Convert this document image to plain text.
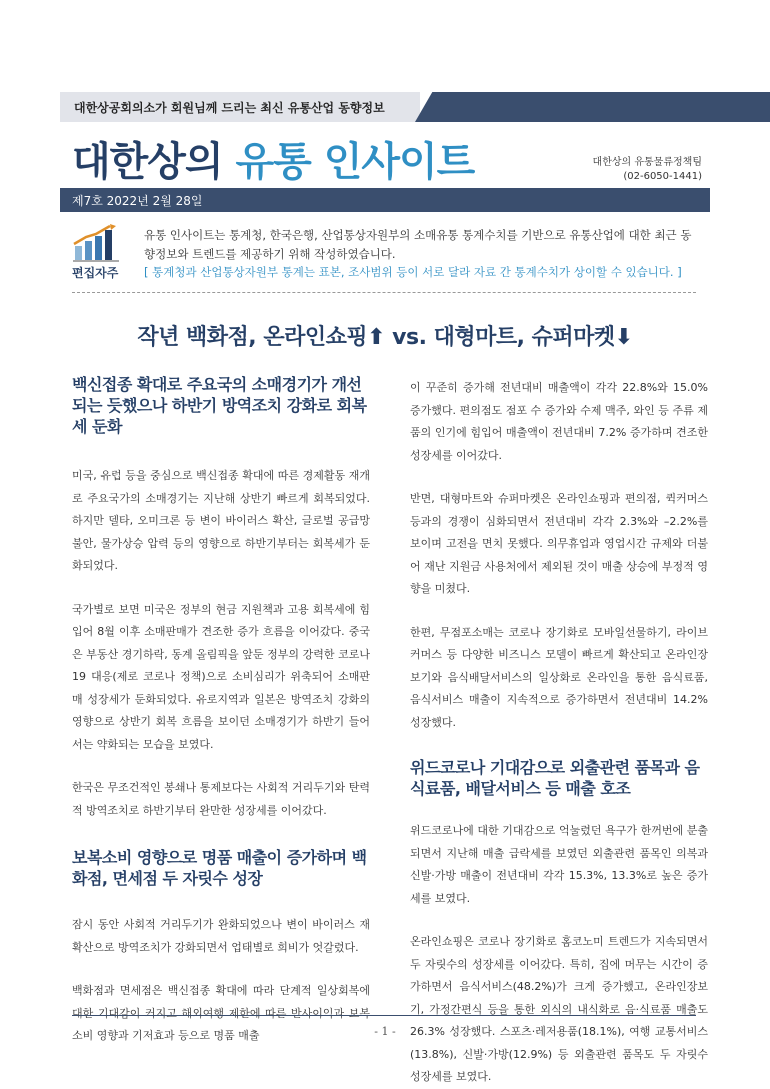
대한상공회의소가 회원님께 드리는 최신 유통산업 동향정보
대한상의 유통 인사이트	대한상의 유통물류정책팀
(02-6050-1441)
제7호 2022년 2월 28일
편집자주
유통 인사이트는 통계청, 한국은행, 산업통상자원부의 소매유통 통계수치를 기반으로 유통산업에 대한 최근 동향정보와 트렌드를 제공하기 위해 작성하였습니다.
[ 통계청과 산업통상자원부 통계는 표본, 조사범위 등이 서로 달라 자료 간 통계수치가 상이할 수 있습니다. ]
작년 백화점, 온라인쇼핑⬆ vs. 대형마트, 슈퍼마켓⬇
백신접종 확대로 주요국의 소매경기가 개선되는 듯했으나 하반기 방역조치 강화로 회복세 둔화

미국, 유럽 등을 중심으로 백신접종 확대에 따른 경제활동 재개로 주요국가의 소매경기는 지난해 상반기 빠르게 회복되었다. 하지만 델타, 오미크론 등 변이 바이러스 확산, 글로벌 공급망 불안, 물가상승 압력 등의 영향으로 하반기부터는 회복세가 둔화되었다.

국가별로 보면 미국은 정부의 현금 지원책과 고용 회복세에 힘입어 8월 이후 소매판매가 견조한 증가 흐름을 이어갔다. 중국은 부동산 경기하락, 동계 올림픽을 앞둔 정부의 강력한 코로나19 대응(제로 코로나 정책)으로 소비심리가 위축되어 소매판매 성장세가 둔화되었다. 유로지역과 일본은 방역조치 강화의 영향으로 상반기 회복 흐름을 보이던 소매경기가 하반기 들어서는 약화되는 모습을 보였다.

한국은 무조건적인 봉쇄나 통제보다는 사회적 거리두기와 탄력적 방역조치로 하반기부터 완만한 성장세를 이어갔다.

보복소비 영향으로 명품 매출이 증가하며 백화점, 면세점 두 자릿수 성장

잠시 동안 사회적 거리두기가 완화되었으나 변이 바이러스 재확산으로 방역조치가 강화되면서 업태별로 희비가 엇갈렸다.

백화점과 면세점은 백신접종 확대에 따라 단계적 일상회복에 대한 기대감이 커지고 해외여행 제한에 따른 반사이익과 보복소비 영향과 기저효과 등으로 명품 매출

이 꾸준히 증가해 전년대비 매출액이 각각 22.8%와 15.0% 증가했다. 편의점도 점포 수 증가와 수제 맥주, 와인 등 주류 제품의 인기에 힘입어 매출액이 전년대비 7.2% 증가하며 견조한 성장세를 이어갔다.

반면, 대형마트와 슈퍼마켓은 온라인쇼핑과 편의점, 퀵커머스 등과의 경쟁이 심화되면서 전년대비 각각 2.3%와 –2.2%를 보이며 고전을 면치 못했다. 의무휴업과 영업시간 규제와 더불어 재난 지원금 사용처에서 제외된 것이 매출 상승에 부정적 영향을 미쳤다.

한편, 무점포소매는 코로나 장기화로 모바일선물하기, 라이브커머스 등 다양한 비즈니스 모델이 빠르게 확산되고 온라인장보기와 음식배달서비스의 일상화로 온라인을 통한 음식료품, 음식서비스 매출이 지속적으로 증가하면서 전년대비 14.2% 성장했다.

위드코로나 기대감으로 외출관련 품목과 음식료품, 배달서비스 등 매출 호조

위드코로나에 대한 기대감으로 억눌렸던 욕구가 한꺼번에 분출되면서 지난해 매출 급락세를 보였던 외출관련 품목인 의복과 신발·가방 매출이 전년대비 각각 15.3%, 13.3%로 높은 증가세를 보였다.

온라인쇼핑은 코로나 장기화로 홈코노미 트렌드가 지속되면서 두 자릿수의 성장세를 이어갔다. 특히, 집에 머무는 시간이 증가하면서 음식서비스(48.2%)가 크게 증가했고, 온라인장보기, 가정간편식 등을 통한 외식의 내식화로 음·식료품 매출도 26.3% 성장했다. 스포츠·레저용품(18.1%), 여행 교통서비스(13.8%), 신발·가방(12.9%) 등 외출관련 품목도 두 자릿수 성장세를 보였다.

- 1 -
